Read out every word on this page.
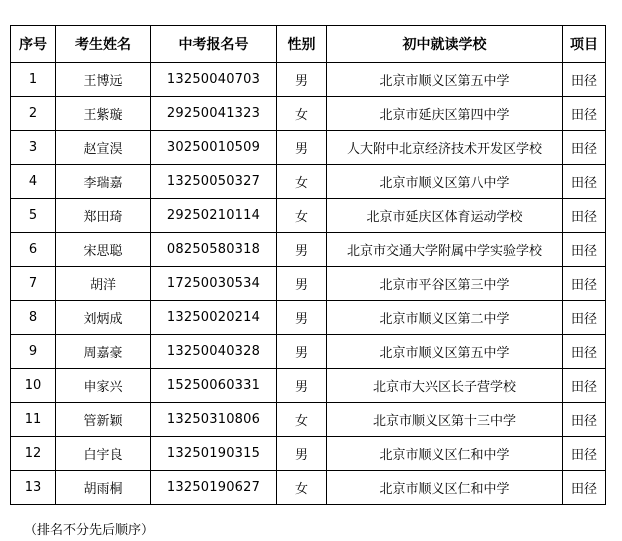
序号	考生姓名	中考报名号	性别	初中就读学校	项目
1	王博远	13250040703	男	北京市顺义区第五中学	田径
2	王紫璇	29250041323	女	北京市延庆区第四中学	田径
3	赵宣淏	30250010509	男	人大附中北京经济技术开发区学校	田径
4	李瑞嘉	13250050327	女	北京市顺义区第八中学	田径
5	郑田琦	29250210114	女	北京市延庆区体育运动学校	田径
6	宋思聪	08250580318	男	北京市交通大学附属中学实验学校	田径
7	胡洋	17250030534	男	北京市平谷区第三中学	田径
8	刘炳成	13250020214	男	北京市顺义区第二中学	田径
9	周嘉豪	13250040328	男	北京市顺义区第五中学	田径
10	申家兴	15250060331	男	北京市大兴区长子营学校	田径
11	管新颖	13250310806	女	北京市顺义区第十三中学	田径
12	白宇良	13250190315	男	北京市顺义区仁和中学	田径
13	胡雨桐	13250190627	女	北京市顺义区仁和中学	田径
（排名不分先后顺序）
